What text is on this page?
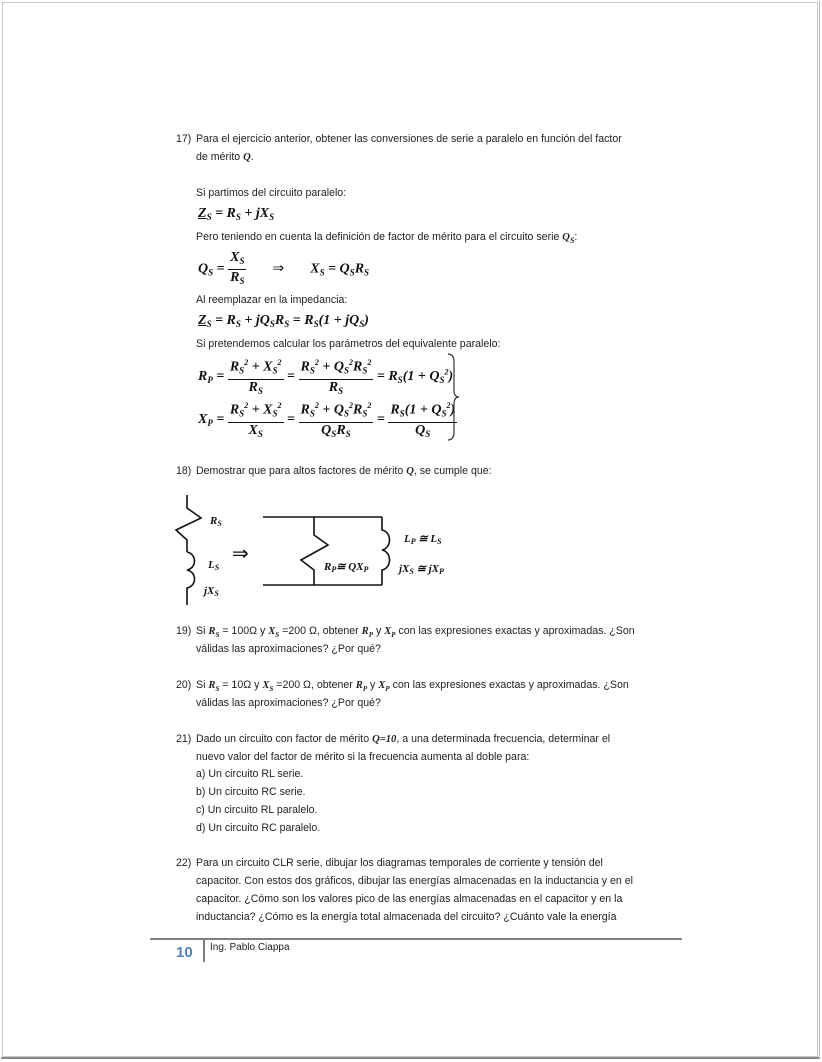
17) Para el ejercicio anterior, obtener las conversiones de serie a paralelo en función del factor
de mérito Q.
Si partimos del circuito paralelo:
$Z_S = R_S + jX_S$
Pero teniendo en cuenta la definición de factor de mérito para el circuito serie $Q_S$:
$Q_S = \frac{X_S}{R_S}$ ⇒ $X_S = Q_SR_S$
Al reemplazar en la impedancia:
$Z_S = R_S + jQ_SR_S = R_S(1 + jQ_S)$
Si pretendemos calcular los parámetros del equivalente paralelo:
$R_P = \frac{R_S^2 + X_S^2}{R_S} = \frac{R_S^2 + Q_S^2R_S^2}{R_S} = R_S(1 + Q_S^2)$
$X_P = \frac{R_S^2 + X_S^2}{X_S} = \frac{R_S^2 + Q_S^2R_S^2}{Q_SR_S} = \frac{R_S(1 + Q_S^2)}{Q_S}$
18) Demostrar que para altos factores de mérito Q, se cumple que:
RS
LS
jXS
⇒
RP≅ QXP
LP ≅ LS
jXS ≅ jXP
19) Si $R_S = 100\Omega$ y $X_S =200$ Ω, obtener $R_P$ y $X_P$ con las expresiones exactas y aproximadas. ¿Son
válidas las aproximaciones? ¿Por qué?
20) Si $R_S = 10\Omega$ y $X_S =200$ Ω, obtener $R_P$ y $X_P$ con las expresiones exactas y aproximadas. ¿Son
válidas las aproximaciones? ¿Por qué?
21) Dado un circuito con factor de mérito Q=10, a una determinada frecuencia, determinar el
nuevo valor del factor de mérito si la frecuencia aumenta al doble para:
a) Un circuito RL serie.
b) Un circuito RC serie.
c) Un circuito RL paralelo.
d) Un circuito RC paralelo.
22) Para un circuito CLR serie, dibujar los diagramas temporales de corriente y tensión del
capacitor. Con estos dos gráficos, dibujar las energías almacenadas en la inductancia y en el
capacitor. ¿Cómo son los valores pico de las energías almacenadas en el capacitor y en la
inductancia? ¿Cómo es la energía total almacenada del circuito? ¿Cuánto vale la energía
10 Ing. Pablo Ciappa
